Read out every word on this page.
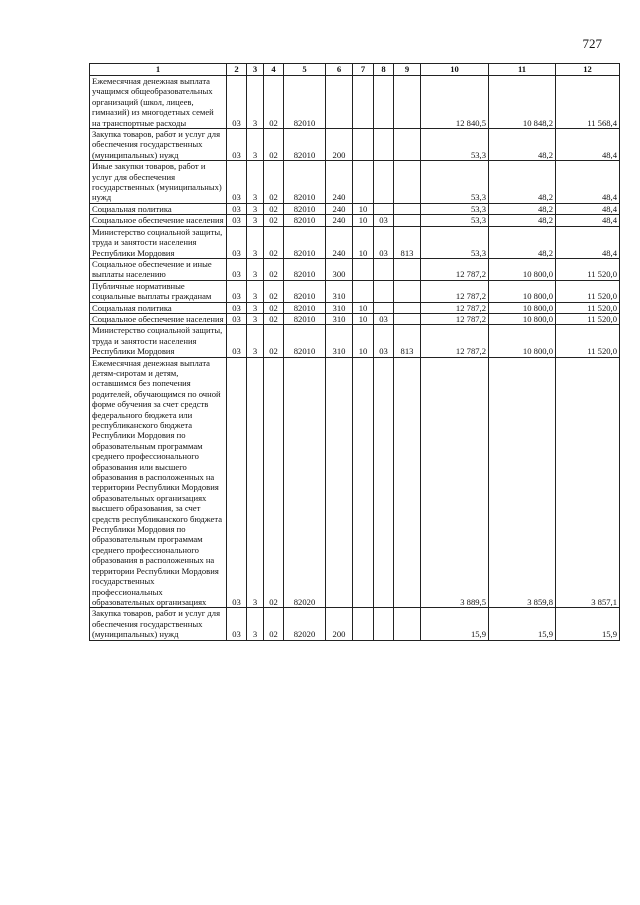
727
1	2	3	4	5	6	7	8	9	10	11	12
Ежемесячная денежная выплата учащимся общеобразовательных организаций (школ, лицеев, гимназий) из многодетных семей на транспортные расходы	03	3	02	82010					12 840,5	10 848,2	11 568,4
Закупка товаров, работ и услуг для обеспечения государственных (муниципальных) нужд	03	3	02	82010	200				53,3	48,2	48,4
Иные закупки товаров, работ и услуг для обеспечения государственных (муниципальных) нужд	03	3	02	82010	240				53,3	48,2	48,4
Социальная политика	03	3	02	82010	240	10			53,3	48,2	48,4
Социальное обеспечение населения	03	3	02	82010	240	10	03		53,3	48,2	48,4
Министерство социальной защиты, труда и занятости населения Республики Мордовия	03	3	02	82010	240	10	03	813	53,3	48,2	48,4
Социальное обеспечение и иные выплаты населению	03	3	02	82010	300				12 787,2	10 800,0	11 520,0
Публичные нормативные социальные выплаты гражданам	03	3	02	82010	310				12 787,2	10 800,0	11 520,0
Социальная политика	03	3	02	82010	310	10			12 787,2	10 800,0	11 520,0
Социальное обеспечение населения	03	3	02	82010	310	10	03		12 787,2	10 800,0	11 520,0
Министерство социальной защиты, труда и занятости населения Республики Мордовия	03	3	02	82010	310	10	03	813	12 787,2	10 800,0	11 520,0
Ежемесячная денежная выплата детям-сиротам и детям, оставшимся без попечения родителей, обучающимся по очной форме обучения за счет средств федерального бюджета или республиканского бюджета Республики Мордовия по образовательным программам среднего профессионального образования или высшего образования в расположенных на территории Республики Мордовия образовательных организациях высшего образования, за счет средств республиканского бюджета Республики Мордовия по образовательным программам среднего профессионального образования в расположенных на территории Республики Мордовия государственных профессиональных образовательных организациях	03	3	02	82020					3 889,5	3 859,8	3 857,1
Закупка товаров, работ и услуг для обеспечения государственных (муниципальных) нужд	03	3	02	82020	200				15,9	15,9	15,9
